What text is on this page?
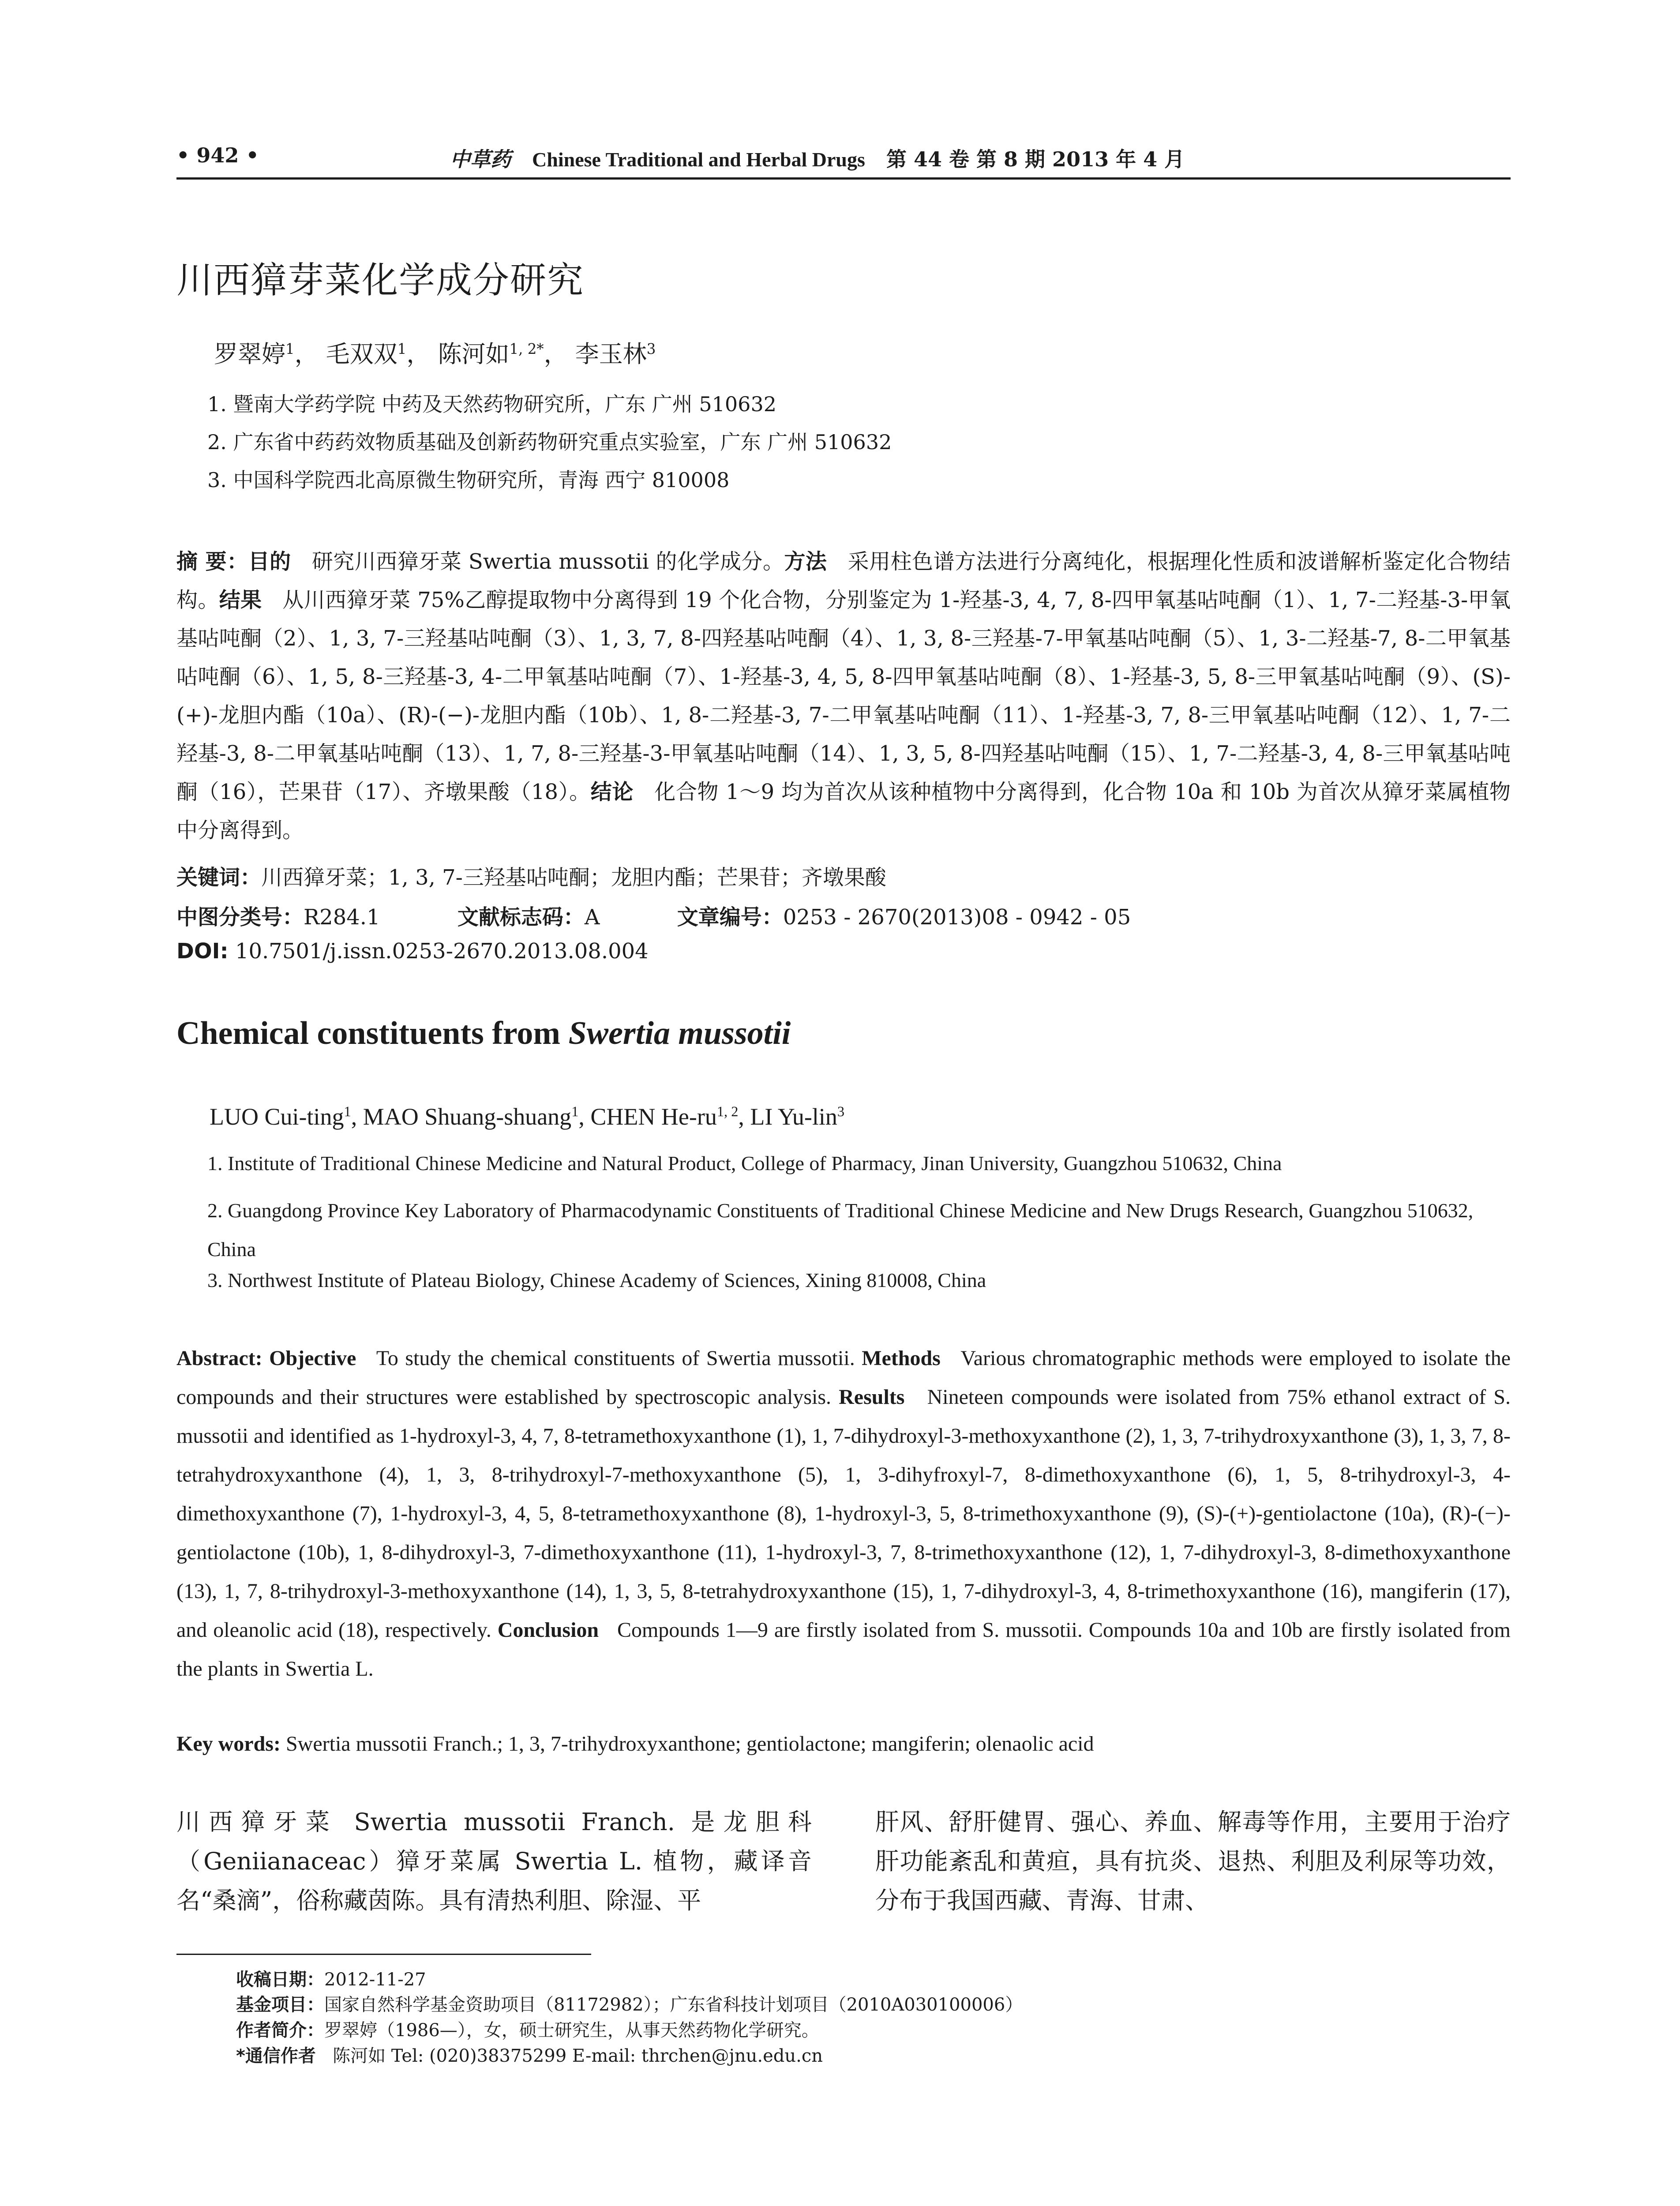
• 942 •	中草药 Chinese Traditional and Herbal Drugs 第 44 卷 第 8 期 2013 年 4 月
川西獐芽菜化学成分研究
罗翠婷$^1$， 毛双双$^1$， 陈河如$^{1, 2*}$， 李玉林$^3$
1. 暨南大学药学院 中药及天然药物研究所，广东 广州 510632
2. 广东省中药药效物质基础及创新药物研究重点实验室，广东 广州 510632
3. 中国科学院西北高原微生物研究所，青海 西宁 810008
摘 要：目的 研究川西獐牙菜 Swertia mussotii 的化学成分。方法 采用柱色谱方法进行分离纯化，根据理化性质和波谱解析鉴定化合物结构。结果 从川西獐牙菜 75%乙醇提取物中分离得到 19 个化合物，分别鉴定为 1-羟基-3, 4, 7, 8-四甲氧基呫吨酮（1）、1, 7-二羟基-3-甲氧基呫吨酮（2）、1, 3, 7-三羟基呫吨酮（3）、1, 3, 7, 8-四羟基呫吨酮（4）、1, 3, 8-三羟基-7-甲氧基呫吨酮（5）、1, 3-二羟基-7, 8-二甲氧基呫吨酮（6）、1, 5, 8-三羟基-3, 4-二甲氧基呫吨酮（7）、1-羟基-3, 4, 5, 8-四甲氧基呫吨酮（8）、1-羟基-3, 5, 8-三甲氧基呫吨酮（9）、(S)-(+)-龙胆内酯（10a）、(R)-(−)-龙胆内酯（10b）、1, 8-二羟基-3, 7-二甲氧基呫吨酮（11）、1-羟基-3, 7, 8-三甲氧基呫吨酮（12）、1, 7-二羟基-3, 8-二甲氧基呫吨酮（13）、1, 7, 8-三羟基-3-甲氧基呫吨酮（14）、1, 3, 5, 8-四羟基呫吨酮（15）、1, 7-二羟基-3, 4, 8-三甲氧基呫吨酮（16），芒果苷（17）、齐墩果酸（18）。结论 化合物 1～9 均为首次从该种植物中分离得到，化合物 10a 和 10b 为首次从獐牙菜属植物中分离得到。
关键词：川西獐牙菜；1, 3, 7-三羟基呫吨酮；龙胆内酯；芒果苷；齐墩果酸
中图分类号：R284.1	文献标志码：A	文章编号：0253 - 2670(2013)08 - 0942 - 05
DOI: 10.7501/j.issn.0253-2670.2013.08.004
Chemical constituents from Swertia mussotii
LUO Cui-ting$^1$, MAO Shuang-shuang$^1$, CHEN He-ru$^{1, 2}$, LI Yu-lin$^3$
1. Institute of Traditional Chinese Medicine and Natural Product, College of Pharmacy, Jinan University, Guangzhou 510632, China
2. Guangdong Province Key Laboratory of Pharmacodynamic Constituents of Traditional Chinese Medicine and New Drugs Research, Guangzhou 510632, China
3. Northwest Institute of Plateau Biology, Chinese Academy of Sciences, Xining 810008, China
Abstract: Objective To study the chemical constituents of Swertia mussotii. Methods Various chromatographic methods were employed to isolate the compounds and their structures were established by spectroscopic analysis. Results Nineteen compounds were isolated from 75% ethanol extract of S. mussotii and identified as 1-hydroxyl-3, 4, 7, 8-tetramethoxyxanthone (1), 1, 7-dihydroxyl-3-methoxyxanthone (2), 1, 3, 7-trihydroxyxanthone (3), 1, 3, 7, 8-tetrahydroxyxanthone (4), 1, 3, 8-trihydroxyl-7-methoxyxanthone (5), 1, 3-dihyfroxyl-7, 8-dimethoxyxanthone (6), 1, 5, 8-trihydroxyl-3, 4-dimethoxyxanthone (7), 1-hydroxyl-3, 4, 5, 8-tetramethoxyxanthone (8), 1-hydroxyl-3, 5, 8-trimethoxyxanthone (9), (S)-(+)-gentiolactone (10a), (R)-(−)-gentiolactone (10b), 1, 8-dihydroxyl-3, 7-dimethoxyxanthone (11), 1-hydroxyl-3, 7, 8-trimethoxyxanthone (12), 1, 7-dihydroxyl-3, 8-dimethoxyxanthone (13), 1, 7, 8-trihydroxyl-3-methoxyxanthone (14), 1, 3, 5, 8-tetrahydroxyxanthone (15), 1, 7-dihydroxyl-3, 4, 8-trimethoxyxanthone (16), mangiferin (17), and oleanolic acid (18), respectively. Conclusion Compounds 1—9 are firstly isolated from S. mussotii. Compounds 10a and 10b are firstly isolated from the plants in Swertia L.
Key words: Swertia mussotii Franch.; 1, 3, 7-trihydroxyxanthone; gentiolactone; mangiferin; olenaolic acid
川西獐牙菜 Swertia mussotii Franch. 是龙胆科（Geniianaceac）獐牙菜属 Swertia L. 植物，藏译音名“桑滴”，俗称藏茵陈。具有清热利胆、除湿、平
肝风、舒肝健胃、强心、养血、解毒等作用，主要用于治疗肝功能紊乱和黄疸，具有抗炎、退热、利胆及利尿等功效，分布于我国西藏、青海、甘肃、
收稿日期：2012-11-27
基金项目：国家自然科学基金资助项目（81172982）；广东省科技计划项目（2010A030100006）
作者简介：罗翠婷（1986—），女，硕士研究生，从事天然药物化学研究。
*通信作者 陈河如 Tel: (020)38375299 E-mail: thrchen@jnu.edu.cn
